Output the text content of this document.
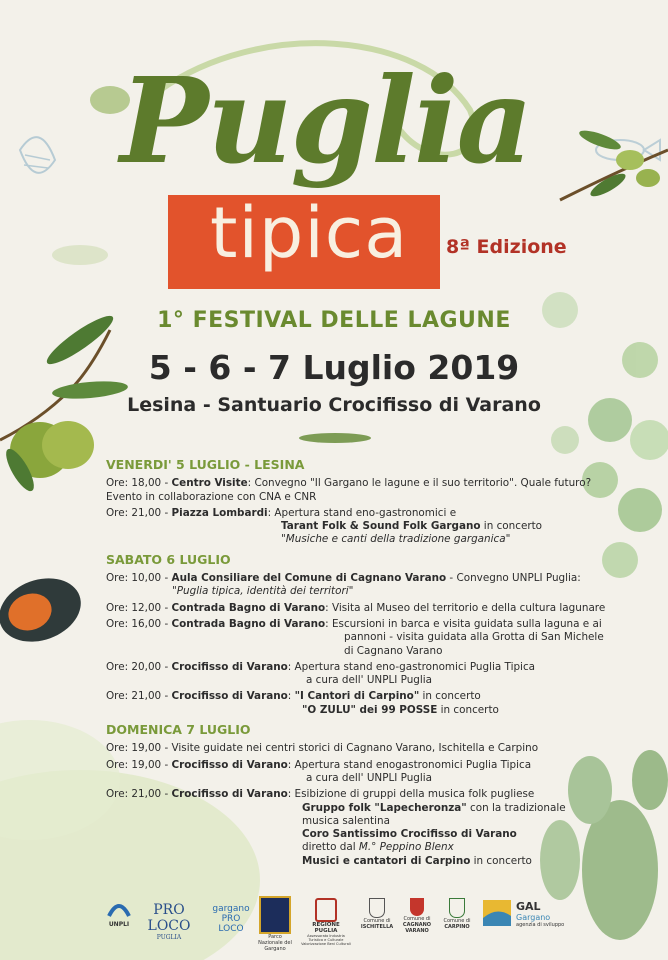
Puglia
tipica 8ª Edizione
1° FESTIVAL DELLE LAGUNE
5 - 6 - 7 Luglio 2019
Lesina - Santuario Crocifisso di Varano
VENERDI' 5 LUGLIO - LESINA
Ore: 18,00 - Centro Visite: Convegno "Il Gargano le lagune e il suo territorio". Quale futuro?
Evento in collaborazione con CNA e CNR
Ore: 21,00 - Piazza Lombardi: Apertura stand eno-gastronomici e
Tarant Folk & Sound Folk Gargano in concerto
"Musiche e canti della tradizione garganica"
SABATO 6 LUGLIO
Ore: 10,00 - Aula Consiliare del Comune di Cagnano Varano - Convegno UNPLI Puglia:
"Puglia tipica, identità dei territori"
Ore: 12,00 - Contrada Bagno di Varano: Visita al Museo del territorio e della cultura lagunare
Ore: 16,00 - Contrada Bagno di Varano: Escursioni in barca e visita guidata sulla laguna e ai
pannoni - visita guidata alla Grotta di San Michele
di Cagnano Varano
Ore: 20,00 - Crocifisso di Varano: Apertura stand eno-gastronomici Puglia Tipica
a cura dell' UNPLI Puglia
Ore: 21,00 - Crocifisso di Varano: "I Cantori di Carpino" in concerto
"O ZULU" dei 99 POSSE in concerto
DOMENICA 7 LUGLIO
Ore: 19,00 - Visite guidate nei centri storici di Cagnano Varano, Ischitella e Carpino
Ore: 19,00 - Crocifisso di Varano: Apertura stand enogastronomici Puglia Tipica
a cura dell' UNPLI Puglia
Ore: 21,00 - Crocifisso di Varano: Esibizione di gruppi della musica folk pugliese
Gruppo folk "Lapecheronza" con la tradizionale
musica salentina
Coro Santissimo Crocifisso di Varano
diretto dal M.° Peppino Blenx
Musici e cantatori di Carpino in concerto
UNPLI
PRO LOCO
PUGLIA
gargano
PRO LOCO
Parco Nazionale del Gargano
REGIONE PUGLIA
Assessorato Industria Turistica e Culturale Valorizzazione Beni Culturali
Comune di
ISCHITELLA
Comune di
CAGNANO VARANO
Comune di
CARPINO
GAL
Gargano
agenzia di sviluppo
